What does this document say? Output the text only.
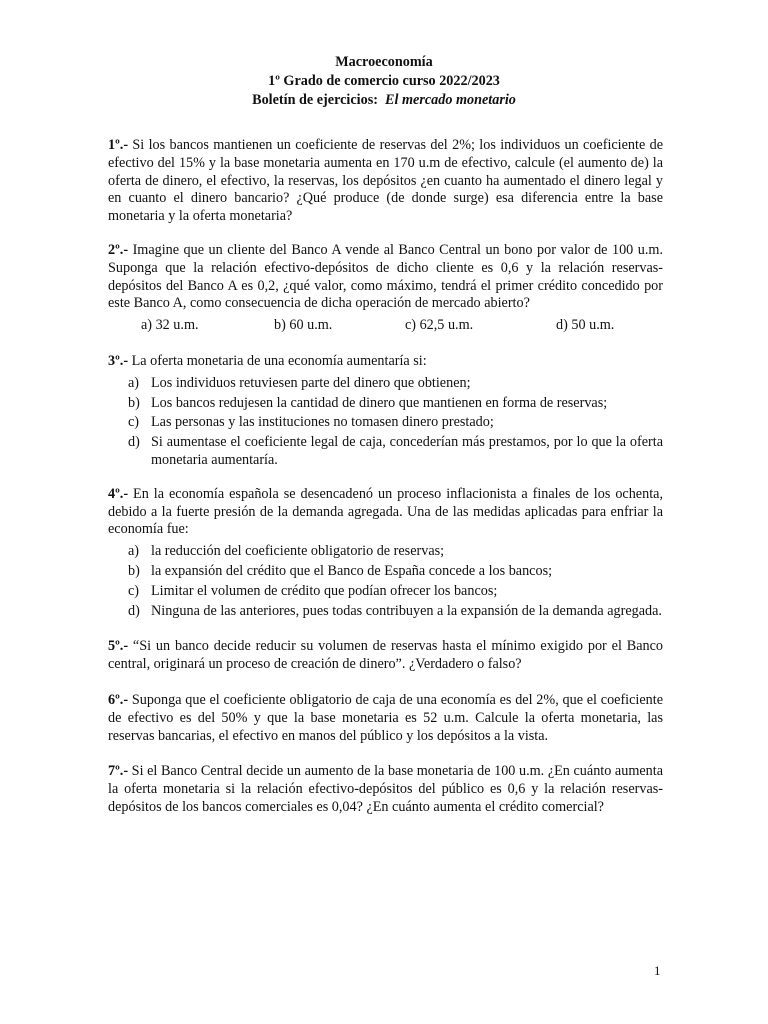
Macroeconomía
1º Grado de comercio curso 2022/2023
Boletín de ejercicios: El mercado monetario

1º.- Si los bancos mantienen un coeficiente de reservas del 2%; los individuos un coeficiente de efectivo del 15% y la base monetaria aumenta en 170 u.m de efectivo, calcule (el aumento de) la oferta de dinero, el efectivo, la reservas, los depósitos ¿en cuanto ha aumentado el dinero legal y en cuanto el dinero bancario? ¿Qué produce (de donde surge) esa diferencia entre la base monetaria y la oferta monetaria?

2º.- Imagine que un cliente del Banco A vende al Banco Central un bono por valor de 100 u.m. Suponga que la relación efectivo-depósitos de dicho cliente es 0,6 y la relación reservas-depósitos del Banco A es 0,2, ¿qué valor, como máximo, tendrá el primer crédito concedido por este Banco A, como consecuencia de dicha operación de mercado abierto?

a) 32 u.m.	b) 60 u.m.	c) 62,5 u.m.	d) 50 u.m.

3º.- La oferta monetaria de una economía aumentaría si:

a) Los individuos retuviesen parte del dinero que obtienen;
b) Los bancos redujesen la cantidad de dinero que mantienen en forma de reservas;
c) Las personas y las instituciones no tomasen dinero prestado;
d) Si aumentase el coeficiente legal de caja, concederían más prestamos, por lo que la oferta monetaria aumentaría.

4º.- En la economía española se desencadenó un proceso inflacionista a finales de los ochenta, debido a la fuerte presión de la demanda agregada. Una de las medidas aplicadas para enfriar la economía fue:

a) la reducción del coeficiente obligatorio de reservas;
b) la expansión del crédito que el Banco de España concede a los bancos;
c) Limitar el volumen de crédito que podían ofrecer los bancos;
d) Ninguna de las anteriores, pues todas contribuyen a la expansión de la demanda agregada.

5º.- “Si un banco decide reducir su volumen de reservas hasta el mínimo exigido por el Banco central, originará un proceso de creación de dinero”. ¿Verdadero o falso?

6º.- Suponga que el coeficiente obligatorio de caja de una economía es del 2%, que el coeficiente de efectivo es del 50% y que la base monetaria es 52 u.m. Calcule la oferta monetaria, las reservas bancarias, el efectivo en manos del público y los depósitos a la vista.

7º.- Si el Banco Central decide un aumento de la base monetaria de 100 u.m. ¿En cuánto aumenta la oferta monetaria si la relación efectivo-depósitos del público es 0,6 y la relación reservas-depósitos de los bancos comerciales es 0,04? ¿En cuánto aumenta el crédito comercial?

1
